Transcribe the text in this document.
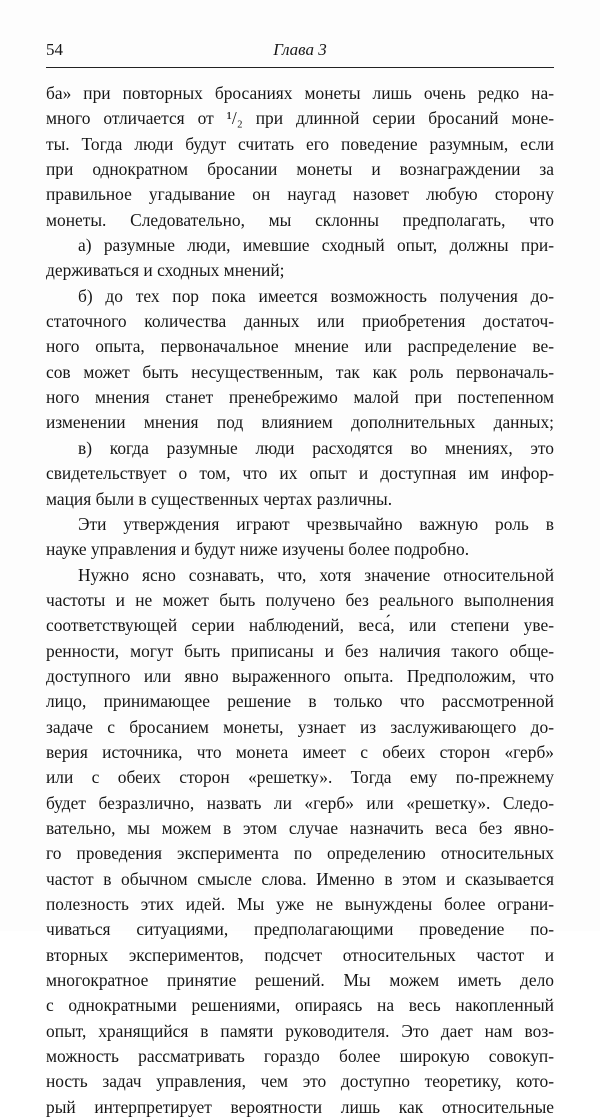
54	Глава 3
ба» при повторных бросаниях монеты лишь очень редко на-
много отличается от ¹/₂ при длинной серии бросаний моне-
ты. Тогда люди будут считать его поведение разумным, если
при однократном бросании монеты и вознаграждении за
правильное угадывание он наугад назовет любую сторону
монеты. Следовательно, мы склонны предполагать, что
а) разумные люди, имевшие сходный опыт, должны при-
держиваться и сходных мнений;
б) до тех пор пока имеется возможность получения до-
статочного количества данных или приобретения достаточ-
ного опыта, первоначальное мнение или распределение ве-
сов может быть несущественным, так как роль первоначаль-
ного мнения станет пренебрежимо малой при постепенном
изменении мнения под влиянием дополнительных данных;
в) когда разумные люди расходятся во мнениях, это
свидетельствует о том, что их опыт и доступная им инфор-
мация были в существенных чертах различны.
Эти утверждения играют чрезвычайно важную роль в
науке управления и будут ниже изучены более подробно.
Нужно ясно сознавать, что, хотя значение относительной
частоты и не может быть получено без реального выполнения
соответствующей серии наблюдений, веса́, или степени уве-
ренности, могут быть приписаны и без наличия такого обще-
доступного или явно выраженного опыта. Предположим, что
лицо, принимающее решение в только что рассмотренной
задаче с бросанием монеты, узнает из заслуживающего до-
верия источника, что монета имеет с обеих сторон «герб»
или с обеих сторон «решетку». Тогда ему по-прежнему
будет безразлично, назвать ли «герб» или «решетку». Следо-
вательно, мы можем в этом случае назначить веса без явно-
го проведения эксперимента по определению относительных
частот в обычном смысле слова. Именно в этом и сказывается
полезность этих идей. Мы уже не вынуждены более ограни-
чиваться ситуациями, предполагающими проведение по-
вторных экспериментов, подсчет относительных частот и
многократное принятие решений. Мы можем иметь дело
с однократными решениями, опираясь на весь накопленный
опыт, хранящийся в памяти руководителя. Это дает нам воз-
можность рассматривать гораздо более широкую совокуп-
ность задач управления, чем это доступно теоретику, кото-
рый интерпретирует вероятности лишь как относительные
